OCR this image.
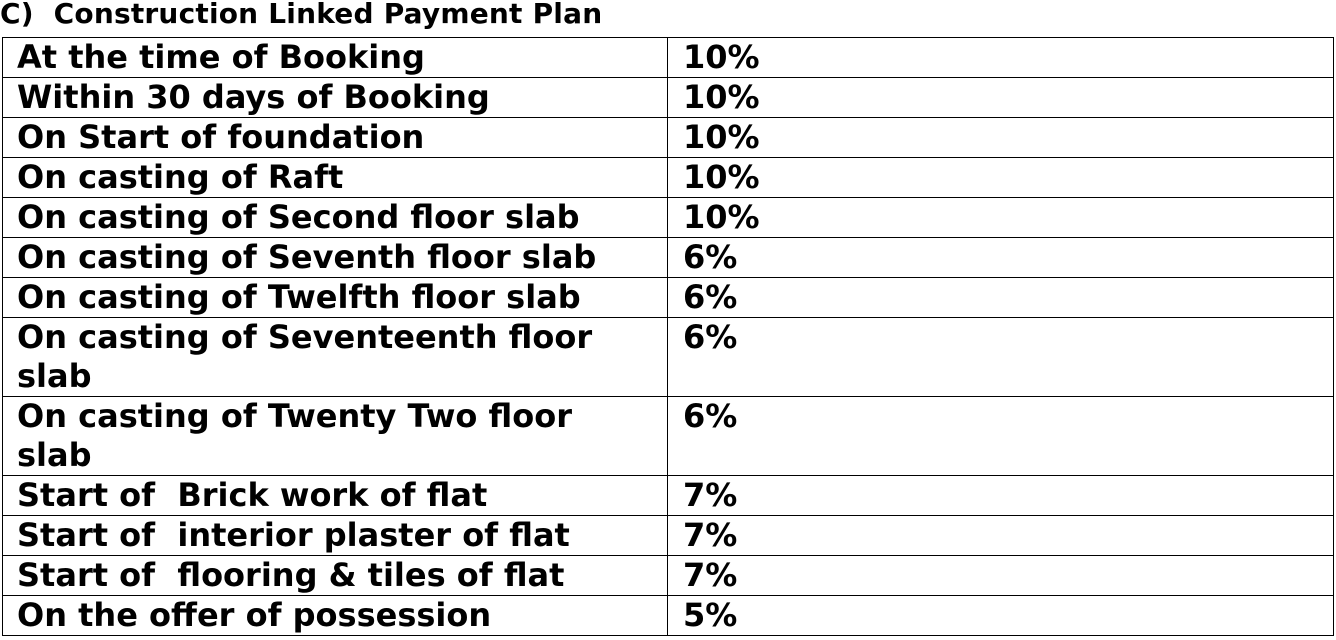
C) Construction Linked Payment Plan
At the time of Booking	10%
Within 30 days of Booking	10%
On Start of foundation	10%
On casting of Raft	10%
On casting of Second floor slab	10%
On casting of Seventh floor slab	6%
On casting of Twelfth floor slab	6%
On casting of Seventeenth floor
slab	6%
On casting of Twenty Two floor
slab	6%
Start of  Brick work of flat	7%
Start of  interior plaster of flat	7%
Start of  flooring & tiles of flat	7%
On the offer of possession	5%
